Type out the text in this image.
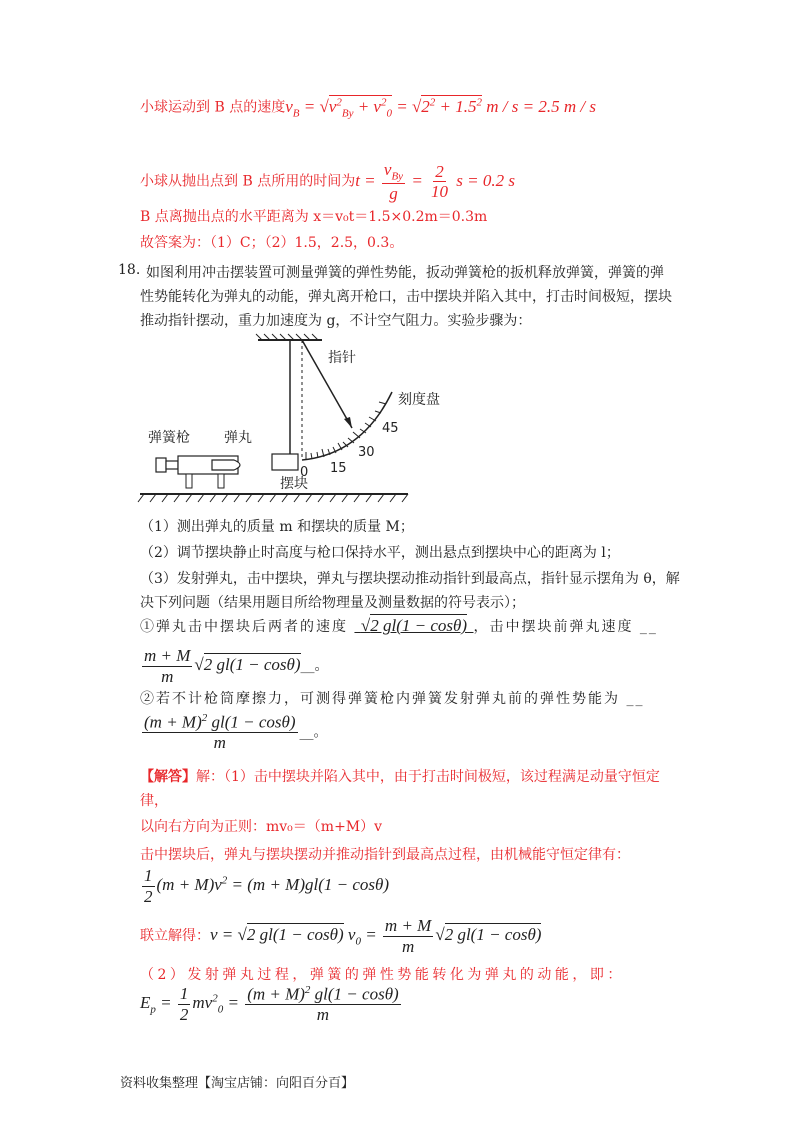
小球运动到 B 点的速度$v_B = √v^2_{By} + v^2_0 = √2^2 + 1.5^2$ m / s = 2.5 m / s
小球从抛出点到 B 点所用的时间为$t = \frac{v_{By}}{g} = \frac{2}{10}$ s = 0.2 s
B 点离抛出点的水平距离为 x＝v₀t＝1.5×0.2m＝0.3m
故答案为：（1）C；（2）1.5，2.5，0.3。
18. 如图利用冲击摆装置可测量弹簧的弹性势能，扳动弹簧枪的扳机释放弹簧，弹簧的弹
性势能转化为弹丸的动能，弹丸离开枪口，击中摆块并陷入其中，打击时间极短，摆块
推动指针摆动，重力加速度为 g，不计空气阻力。实验步骤为：
指针
刻度盘
弹簧枪 弹丸
摆块
0 15
30
45
（1）测出弹丸的质量 m 和摆块的质量 M；
（2）调节摆块静止时高度与枪口保持水平，测出悬点到摆块中心的距离为 l；
（3）发射弹丸，击中摆块，弹丸与摆块摆动推动指针到最高点，指针显示摆角为 θ，解
决下列问题（结果用题目所给物理量及测量数据的符号表示）；
①弹丸击中摆块后两者的速度 √2 gl(1 − cosθ) ，击中摆块前弹丸速度 __
$\frac{m + M}{m} √2$ gl(1 − cosθ)__。
②若不计枪筒摩擦力，可测得弹簧枪内弹簧发射弹丸前的弹性势能为 __
$\frac{(m + M)^2 gl(1 - \cos\theta)}{m}$ __。
【解答】解：（1）击中摆块并陷入其中，由于打击时间极短，该过程满足动量守恒定
律，
以向右方向为正则：mv₀＝（m+M）v
击中摆块后，弹丸与摆块摆动并推动指针到最高点过程，由机械能守恒定律有：
$\frac{1}{2} (m + M)v^2 = (m + M)gl(1 - \cos\theta)$
联立解得：v = √2 gl(1 − cosθ) $v_0 = \frac{m + M}{m} √2$ gl(1 − cosθ)
（2）发射弹丸过程，弹簧的弹性势能转化为弹丸的动能，即：
$E_p = \frac{1}{2} mv^2_0 = \frac{(m + M)^2 gl(1 - \cos\theta)}{m}$
资料收集整理【淘宝店铺：向阳百分百】
